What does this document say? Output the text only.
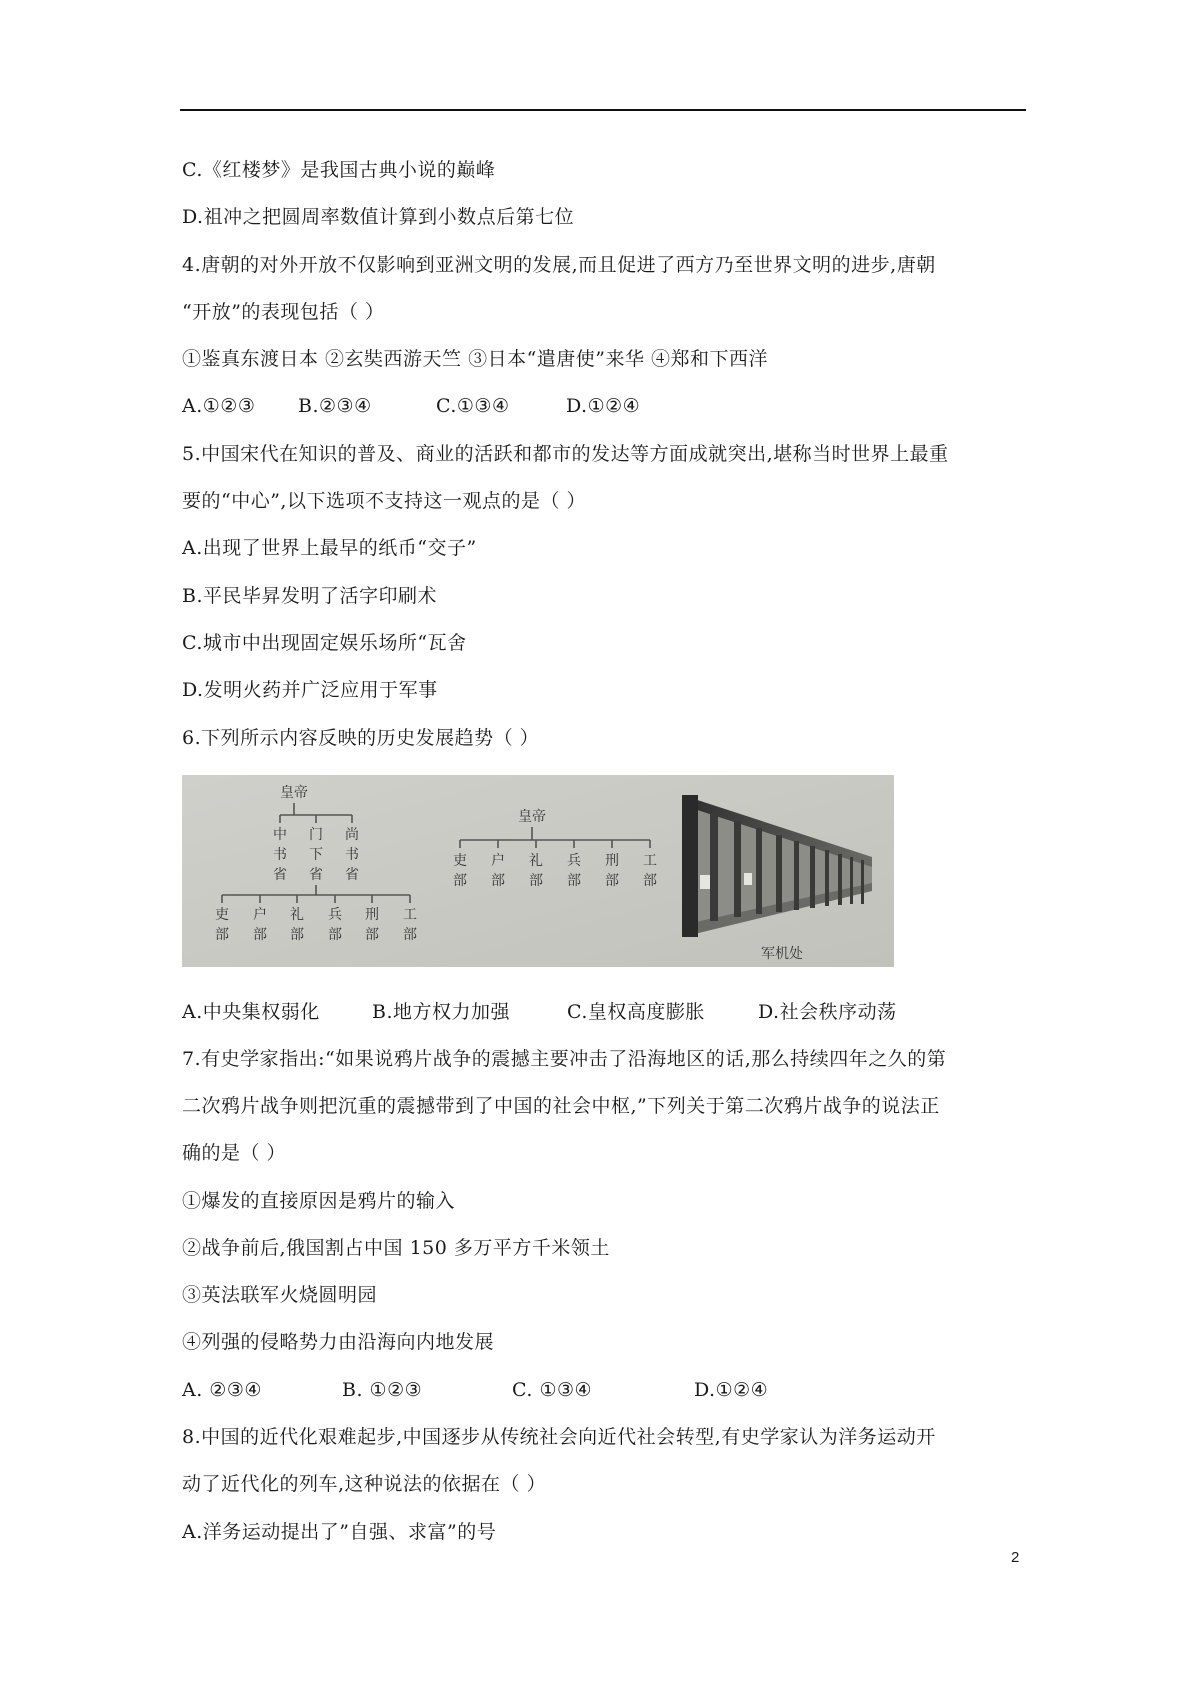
C.《红楼梦》是我国古典小说的巅峰
D.祖冲之把圆周率数值计算到小数点后第七位
4.唐朝的对外开放不仅影响到亚洲文明的发展,而且促进了西方乃至世界文明的进步,唐朝
“开放”的表现包括（ ）
①鉴真东渡日本 ②玄奘西游天竺 ③日本“遣唐使”来华 ④郑和下西洋
A.①②③ B.②③④	C.①③④	D.①②④
5.中国宋代在知识的普及、商业的活跃和都市的发达等方面成就突出,堪称当时世界上最重
要的“中心”,以下选项不支持这一观点的是（ ）
A.出现了世界上最早的纸币“交子”
B.平民毕昇发明了活字印刷术
C.城市中出现固定娱乐场所“瓦舍
D.发明火药并广泛应用于军事
6.下列所示内容反映的历史发展趋势（ ）
皇帝
皇帝
中书省
门下省
尚书省
吏部
户部
礼部
兵部
刑部
工部
吏部
户部
礼部
兵部
刑部
工部
军机处
A.中央集权弱化	B.地方权力加强	C.皇权高度膨胀	D.社会秩序动荡
7.有史学家指出:“如果说鸦片战争的震撼主要冲击了沿海地区的话,那么持续四年之久的第
二次鸦片战争则把沉重的震撼带到了中国的社会中枢,”下列关于第二次鸦片战争的说法正
确的是（ ）
①爆发的直接原因是鸦片的输入
②战争前后,俄国割占中国 150 多万平方千米领土
③英法联军火烧圆明园
④列强的侵略势力由沿海向内地发展
A. ②③④	B. ①②③	C. ①③④	D.①②④
8.中国的近代化艰难起步,中国逐步从传统社会向近代社会转型,有史学家认为洋务运动开
动了近代化的列车,这种说法的依据在（ ）
A.洋务运动提出了”自强、求富”的号
2
